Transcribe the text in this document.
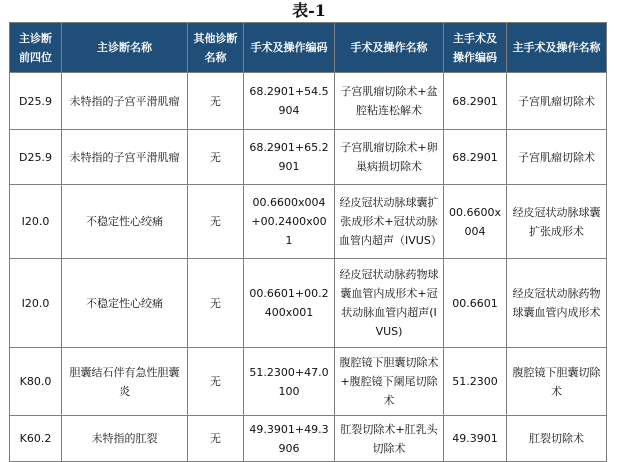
表-1
主诊断前四位	主诊断名称	其他诊断名称	手术及操作编码	手术及操作名称	主手术及操作编码	主手术及操作名称
D25.9	未特指的子宫平滑肌瘤	无	68.2901+54.5904	子宫肌瘤切除术+盆腔粘连松解术	68.2901	子宫肌瘤切除术
D25.9	未特指的子宫平滑肌瘤	无	68.2901+65.2901	子宫肌瘤切除术+卵巢病损切除术	68.2901	子宫肌瘤切除术
I20.0	不稳定性心绞痛	无	00.6600x004+00.2400x001	经皮冠状动脉球囊扩张成形术+冠状动脉血管内超声（IVUS）	00.6600x004	经皮冠状动脉球囊扩张成形术
I20.0	不稳定性心绞痛	无	00.6601+00.2400x001	经皮冠状动脉药物球囊血管内成形术+冠状动脉血管内超声(IVUS)	00.6601	经皮冠状动脉药物球囊血管内成形术
K80.0	胆囊结石伴有急性胆囊炎	无	51.2300+47.0100	腹腔镜下胆囊切除术+腹腔镜下阑尾切除术	51.2300	腹腔镜下胆囊切除术
K60.2	未特指的肛裂	无	49.3901+49.3906	肛裂切除术+肛乳头切除术	49.3901	肛裂切除术
